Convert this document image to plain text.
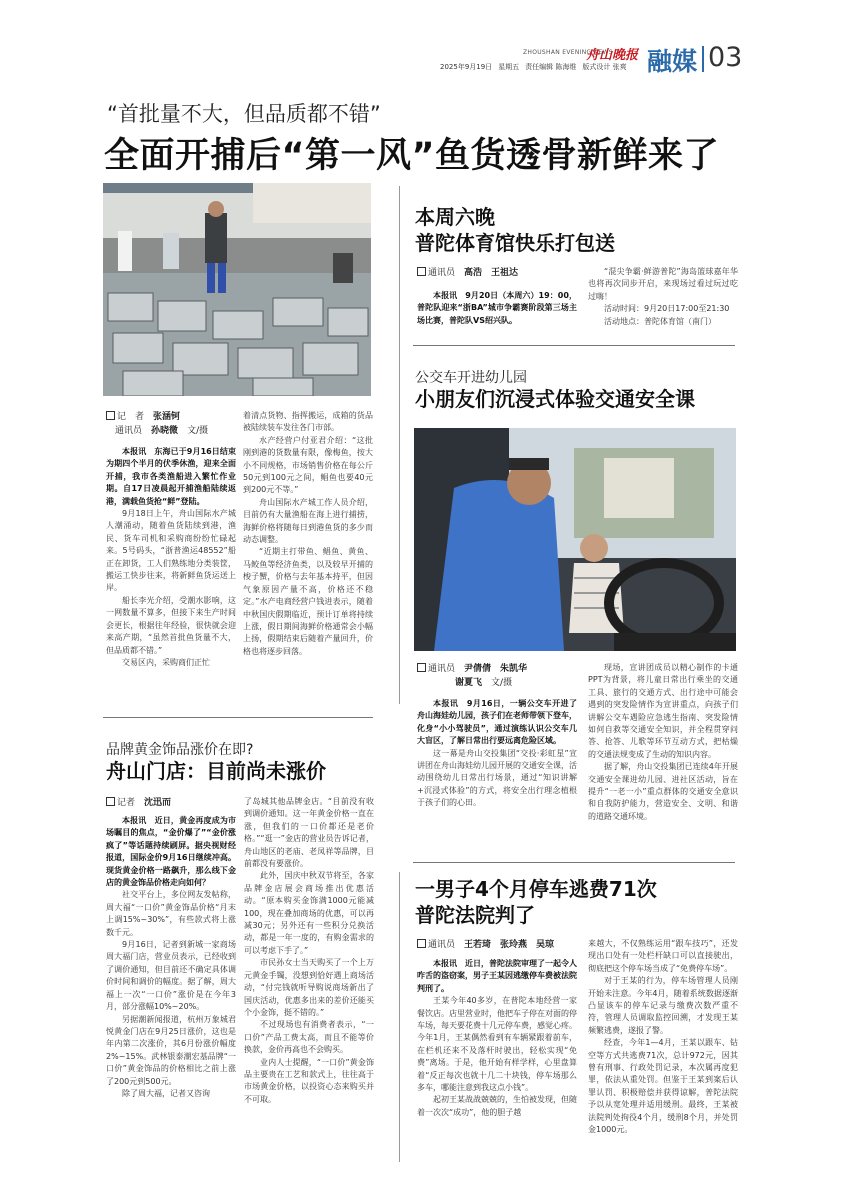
ZHOUSHAN EVENING NEWS
舟山晚报
2025年9月19日 星期五 责任编辑 陈海维 版式设计 张爽 融媒 03
“首批量不大，但品质都不错”
全面开捕后“第一风”鱼货透骨新鲜来了
记　者　 张涵钶
通讯员　 孙晓微　 文/摄

本报讯　东海已于9月16日结束为期四个半月的伏季休渔，迎来全面开捕，我市各类渔船进入繁忙作业期。自17日凌晨起开捕渔船陆续返港，满载鱼货抢“鲜”登陆。

9月18日上午，舟山国际水产城人潮涌动，随着鱼货陆续到港，渔民、货车司机和采购商纷纷忙碌起来。5号码头，“浙普渔运48552”船正在卸货，工人们熟练地分类装筐，搬运工快步往来，将新鲜鱼货运送上岸。

船长李光介绍，受潮水影响，这一网数量不算多，但接下来生产时间会更长，根据往年经验，很快就会迎来高产期，“虽然首批鱼货量不大，但品质都不错。”

交易区内，采购商们正忙

着清点货物、指挥搬运，成箱的货品被陆续装车发往各门市部。

水产经营户付亚君介绍：“这批刚到港的货数量有限，像梅鱼，按大小不同规格，市场销售价格在每公斤50元到100元之间，鲳鱼也要40元到200元不等。”

舟山国际水产城工作人员介绍，目前仍有大量渔船在海上进行捕捞，海鲜价格将随每日到港鱼货的多少而动态调整。

“近期主打带鱼、鲳鱼、黄鱼、马鲛鱼等经济鱼类，以及较早开捕的梭子蟹，价格与去年基本持平，但因气象原因产量不高，价格还不稳定。”水产电商经营户钱进表示，随着中秋国庆假期临近，预计订单将持续上涨，假日期间海鲜价格通常会小幅上扬，假期结束后随着产量回升，价格也将逐步回落。

本周六晚
普陀体育馆快乐打包送
通讯员　 高浩　王祖达

本报讯　9月20日（本周六）19：00，普陀队迎来“浙BA”城市争霸赛阶段第三场主场比赛，普陀队VS绍兴队。

“混尖争霸·鲜游普陀”海岛篮球嘉年华也将再次同步开启，来现场过看过玩过吃过嗨！

活动时间：9月20日17:00至21:30

活动地点：普陀体育馆（南门）

公交车开进幼儿园
小朋友们沉浸式体验交通安全课
通讯员　 尹倩倩　朱凯华
谢夏飞　 文/摄

本报讯　9月16日，一辆公交车开进了舟山海娃幼儿园，孩子们在老师带领下登车，化身“小小驾驶员”，通过演练认识公交车几大盲区，了解日常出行要远离危险区域。

这一幕是舟山交投集团“交投·彩虹星”宣讲团在舟山海娃幼儿园开展的交通安全课，活动围绕幼儿日常出行场景，通过“知识讲解+沉浸式体验”的方式，将安全出行理念植根于孩子们的心田。

现场，宣讲团成员以精心制作的卡通PPT为背景，将儿童日常出行乘坐的交通工具、旅行的交通方式、出行途中可能会遇到的突发险情作为宣讲重点，向孩子们讲解公交车遇险应急逃生指南、突发险情如何自救等交通安全知识，并全程贯穿问答、抢答、儿歌等环节互动方式，把枯燥的交通法规变成了生动的知识内容。

据了解，舟山交投集团已连续4年开展交通安全课进幼儿园、进社区活动，旨在提升“一老一小”重点群体的交通安全意识和自我防护能力，营造安全、文明、和谐的道路交通环境。

品牌黄金饰品涨价在即?
舟山门店：目前尚未涨价
记者　 沈迅而

本报讯　近日，黄金再度成为市场瞩目的焦点，“金价爆了”“金价涨疯了”等话题持续刷屏。据央视财经报道，国际金价9月16日继续冲高。现货黄金价格一路飙升，那么线下金店的黄金饰品价格走向如何？

社交平台上，多位网友发帖称，周大福“一口价”黄金饰品价格“月末上调15%~30%”，有些款式将上涨数千元。

9月16日，记者到新城一家商场周大福门店，营业员表示，已经收到了调价通知，但目前还不确定具体调价时间和调价的幅度。据了解，周大福上一次“一口价”涨价是在今年3月，部分涨幅10%~20%。

另据潮新闻报道，杭州万象城君悦黄金门店在9月25日涨价，这也是年内第二次涨价，其6月份涨价幅度2%~15%。武林银泰潮宏基品牌“一口价”黄金饰品的价格相比之前上涨了200元到500元。

除了周大福，记者又咨询

了岛城其他品牌金店。“目前没有收到调价通知。这一年黄金价格一直在涨，但我们的一口价都还是老价格。”“逛一”金店的营业员告诉记者，舟山地区的老庙、老凤祥等品牌，目前都没有要涨价。

此外，国庆中秋双节将至，各家品牌金店展会商场推出优惠活动。“原本购买金饰满1000元能减100，现在叠加商场的优惠，可以再减30元；另外还有一些积分兑换活动，都是一年一度的，有购金需求的可以考虑下手了。”

市民孙女士当天购买了一个上万元黄金手镯，没想到恰好遇上商场活动，“付完钱就听导购说商场新出了国庆活动，优惠多出来的差价还能买个小金饰，挺不错的。”

不过现场也有消费者表示，“一口价”产品工费太高，而且不能等价换款，金价再高也不会购买。

业内人士提醒，“一口价”黄金饰品主要贵在工艺和款式上，往往高于市场黄金价格，以投资心态来购买并不可取。

一男子4个月停车逃费71次
普陀法院判了
通讯员　 王若琦　张玲燕　吴琼

本报讯　近日，普陀法院审理了一起令人咋舌的盗窃案，男子王某因逃缴停车费被法院判刑了。

王某今年40多岁，在普陀本地经营一家餐饮店。店里营业时，他把车子停在对面的停车场，每天要花费十几元停车费，感觉心疼。今年1月，王某偶然看到有车辆紧跟着前车，在栏机还来不及落杆时驶出，轻松实现“免费”离场。于是，他开始有样学样，心里盘算着“反正每次也就十几二十块钱，停车场那么多车，哪能注意到我这点小钱”。

起初王某战战兢兢的，生怕被发现，但随着一次次“成功”，他的胆子越

来越大，不仅熟练运用“跟车技巧”，还发现出口处有一处栏杆缺口可以直接驶出，彻底把这个停车场当成了“免费停车场”。

对于王某的行为，停车场管理人员刚开始未注意。今年4月，随着系统数据逐渐凸显该车的停车记录与缴费次数严重不符，管理人员调取监控回溯，才发现王某频繁逃费，遂报了警。

经查，今年1—4月，王某以跟车、钻空等方式共逃费71次，总计972元，因其曾有刑事、行政处罚记录，本次属再度犯罪，依法从重处罚。但鉴于王某到案后认罪认罚、积极赔偿并获得谅解，普陀法院予以从宽处理并适用缓刑。最终，王某被法院判处拘役4个月，缓刑8个月，并处罚金1000元。
